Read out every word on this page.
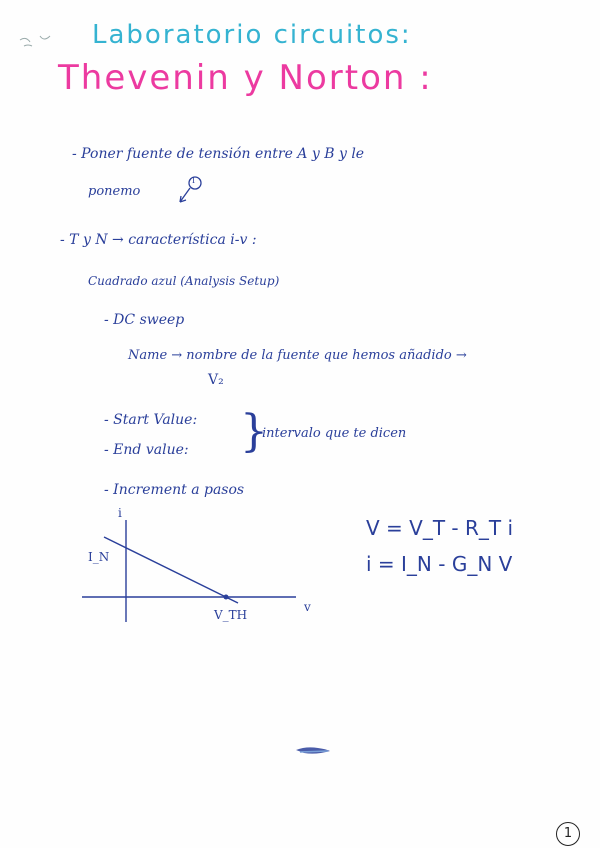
Laboratorio circuitos:
Thevenin y Norton :
- Poner fuente de tensión entre A y B y le
ponemo
I
- T y N → característica i-v :
Cuadrado azul (Analysis Setup)
- DC sweep
Name → nombre de la fuente que hemos añadido →
V₂
- Start Value:
- End value: }
intervalo que te dicen
- Increment a pasos
i
v
I_N
V_TH
V = V_T - R_T i
i = I_N - G_N V
1
